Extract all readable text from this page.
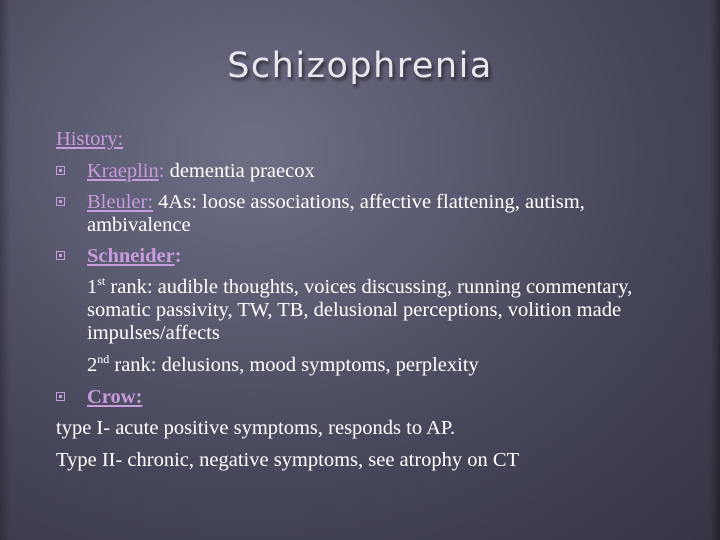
Schizophrenia

History:

Kraeplin: dementia praecox
Bleuler: 4As: loose associations, affective flattening, autism, ambivalence
Schneider:
1st rank: audible thoughts, voices discussing, running commentary, somatic passivity, TW, TB, delusional perceptions, volition made impulses/affects
2nd rank: delusions, mood symptoms, perplexity
Crow:

type I- acute positive symptoms, responds to AP.

Type II- chronic, negative symptoms, see atrophy on CT
